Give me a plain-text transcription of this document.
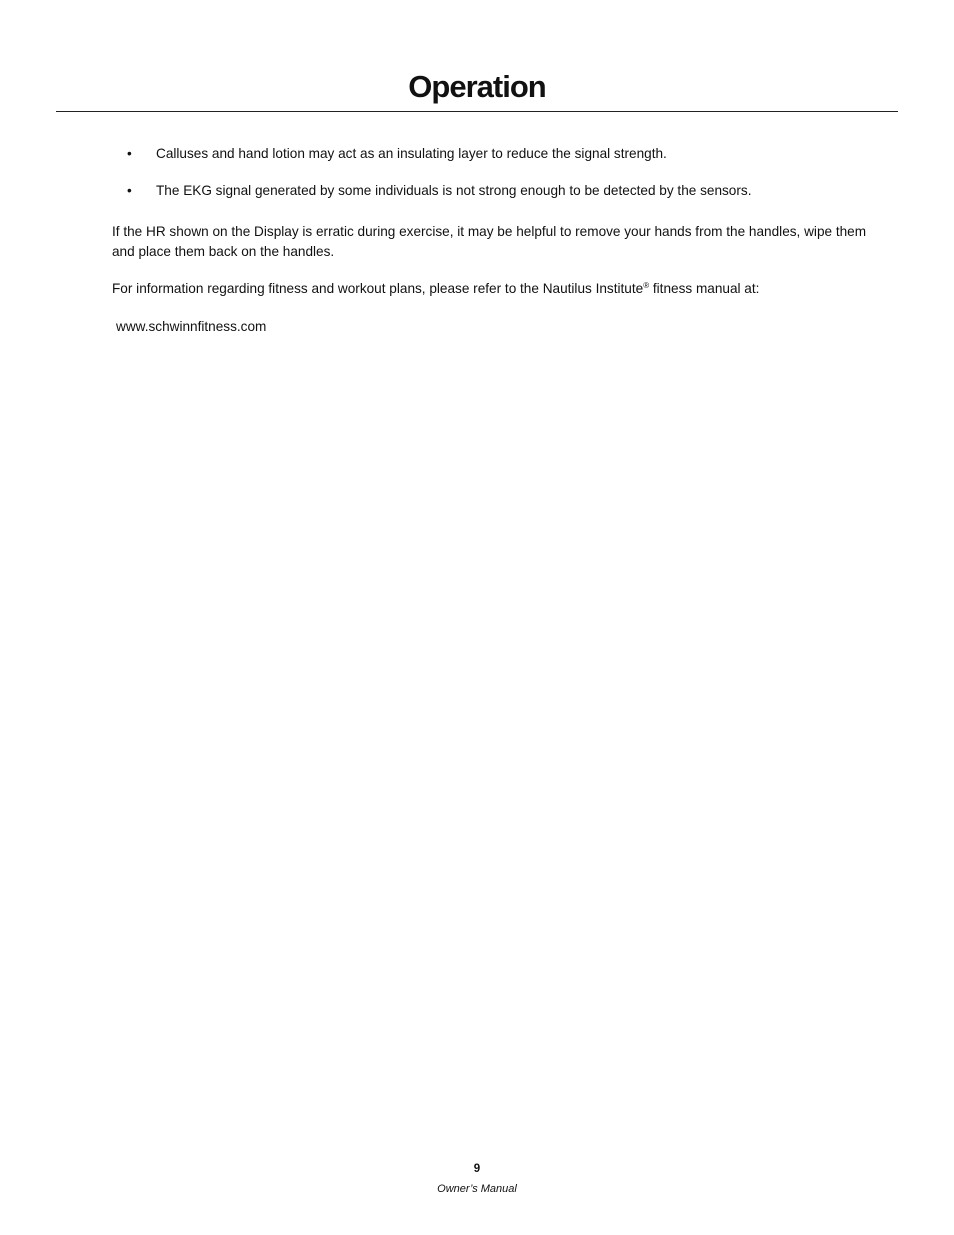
Operation
• Calluses and hand lotion may act as an insulating layer to reduce the signal strength.
• The EKG signal generated by some individuals is not strong enough to be detected by the sensors.

If the HR shown on the Display is erratic during exercise, it may be helpful to remove your hands from the handles, wipe them and place them back on the handles.

For information regarding fitness and workout plans, please refer to the Nautilus Institute® fitness manual at:

www.schwinnfitness.com

9
Owner’s Manual
